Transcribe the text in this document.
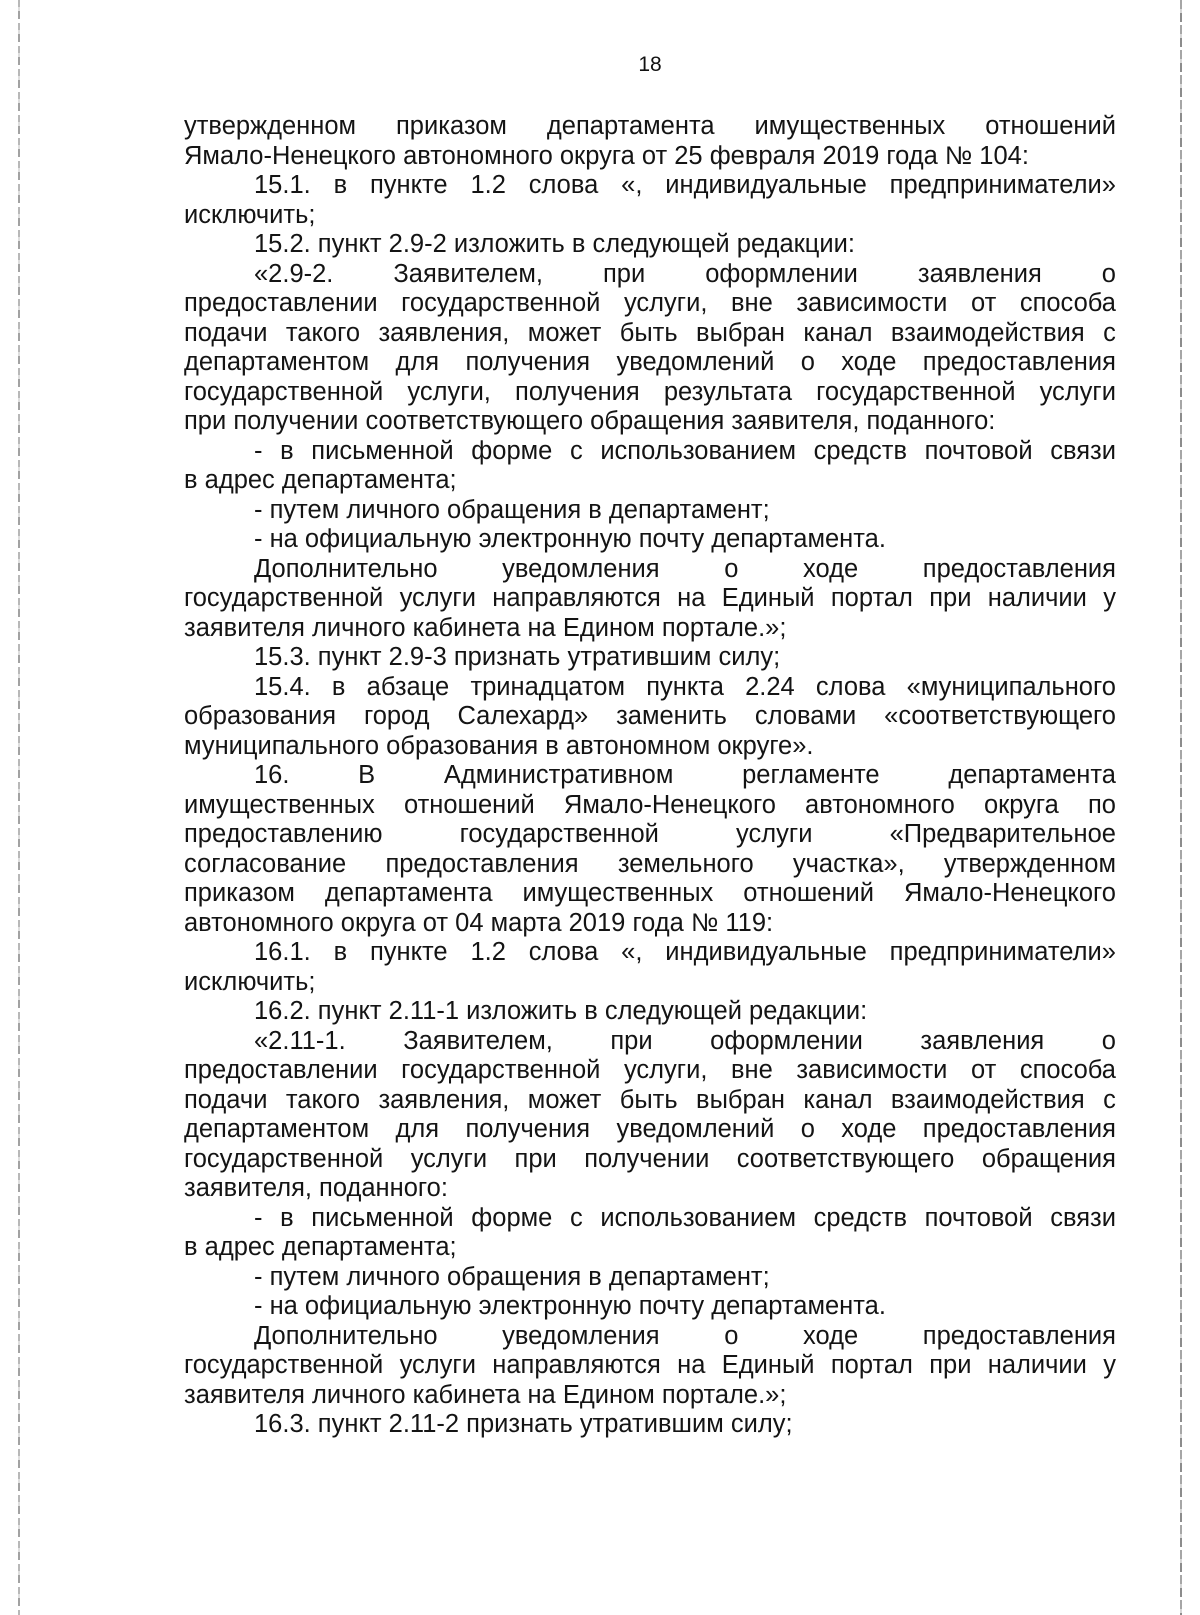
18
утвержденном приказом департамента имущественных отношений
Ямало-Ненецкого автономного округа от 25 февраля 2019 года № 104:
15.1. в пункте 1.2 слова «, индивидуальные предприниматели»
исключить;
15.2. пункт 2.9-2 изложить в следующей редакции:
«2.9-2. Заявителем, при оформлении заявления о
предоставлении государственной услуги, вне зависимости от способа
подачи такого заявления, может быть выбран канал взаимодействия с
департаментом для получения уведомлений о ходе предоставления
государственной услуги, получения результата государственной услуги
при получении соответствующего обращения заявителя, поданного:
- в письменной форме с использованием средств почтовой связи
в адрес департамента;
- путем личного обращения в департамент;
- на официальную электронную почту департамента.
Дополнительно	уведомления	о	ходе	предоставления
государственной услуги направляются на Единый портал при наличии у
заявителя личного кабинета на Едином портале.»;
15.3. пункт 2.9-3 признать утратившим силу;
15.4. в абзаце тринадцатом пункта 2.24 слова «муниципального
образования город Салехард» заменить словами «соответствующего
муниципального образования в автономном округе».
16.	В	Административном	регламенте	департамента
имущественных отношений Ямало-Ненецкого автономного округа по
предоставлению	государственной	услуги	«Предварительное
согласование предоставления земельного участка», утвержденном
приказом департамента имущественных отношений Ямало-Ненецкого
автономного округа от 04 марта 2019 года № 119:
16.1. в пункте 1.2 слова «, индивидуальные предприниматели»
исключить;
16.2. пункт 2.11-1 изложить в следующей редакции:
«2.11-1. Заявителем, при оформлении заявления о
предоставлении государственной услуги, вне зависимости от способа
подачи такого заявления, может быть выбран канал взаимодействия с
департаментом для получения уведомлений о ходе предоставления
государственной услуги при получении соответствующего обращения
заявителя, поданного:
- в письменной форме с использованием средств почтовой связи
в адрес департамента;
- путем личного обращения в департамент;
- на официальную электронную почту департамента.
Дополнительно	уведомления	о	ходе	предоставления
государственной услуги направляются на Единый портал при наличии у
заявителя личного кабинета на Едином портале.»;
16.3. пункт 2.11-2 признать утратившим силу;
